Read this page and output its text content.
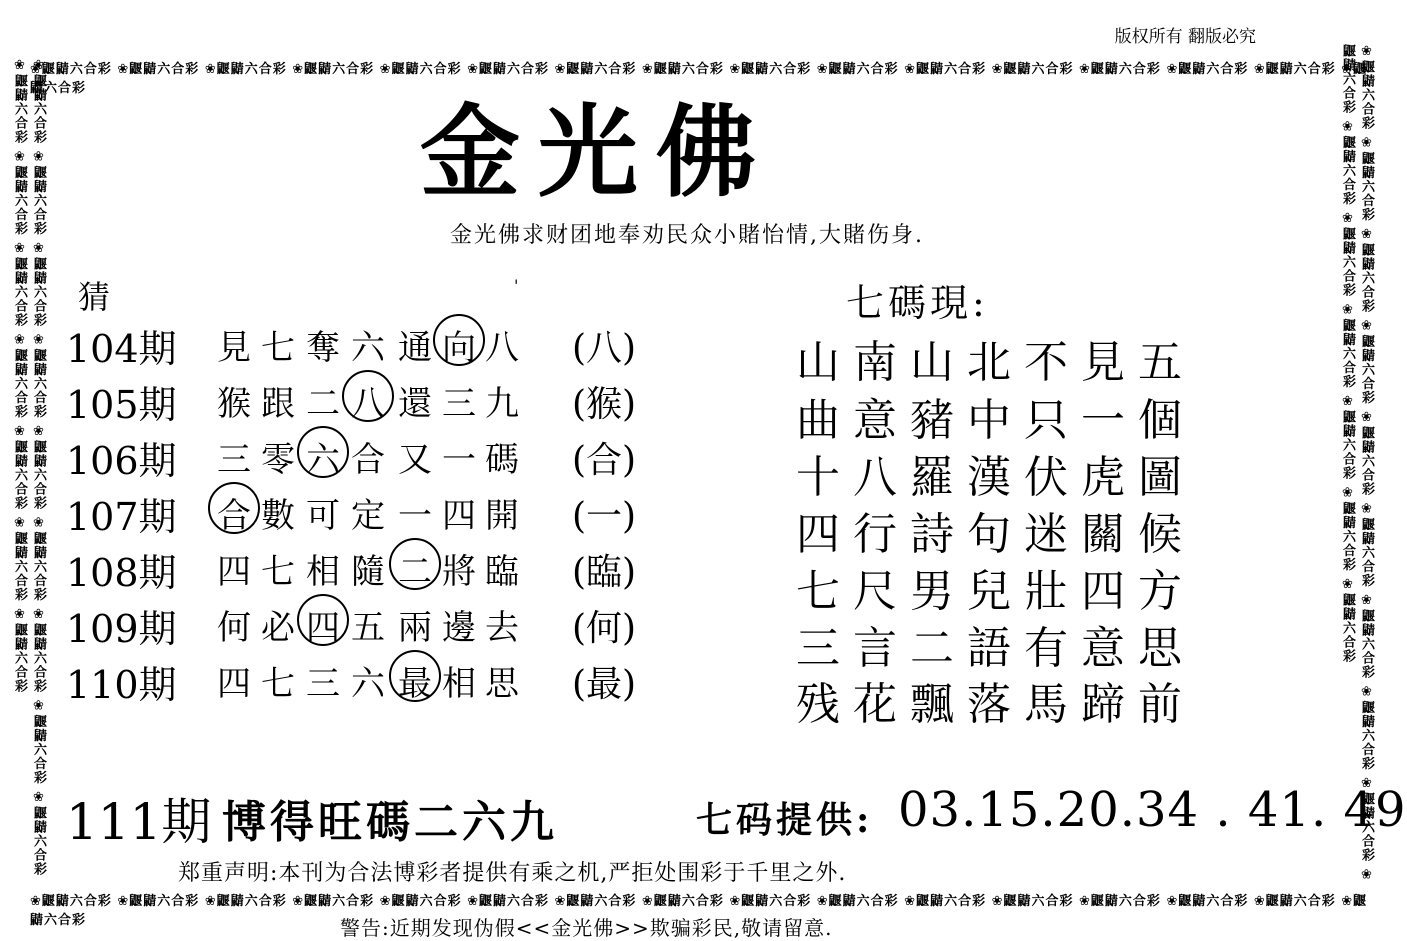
❀鼴鼱六合彩 ❀鼴鼱六合彩 ❀鼴鼱六合彩 ❀鼴鼱六合彩 ❀鼴鼱六合彩 ❀鼴鼱六合彩 ❀鼴鼱六合彩 ❀鼴鼱六合彩 ❀鼴鼱六合彩 ❀鼴鼱六合彩 ❀鼴鼱六合彩 ❀鼴鼱六合彩 ❀鼴鼱六合彩 ❀鼴鼱六合彩 ❀鼴鼱六合彩 ❀鼴鼱六合彩
❀鼴鼱六合彩 ❀鼴鼱六合彩 ❀鼴鼱六合彩 ❀鼴鼱六合彩 ❀鼴鼱六合彩 ❀鼴鼱六合彩 ❀鼴鼱六合彩 ❀鼴鼱六合彩 ❀鼴鼱六合彩 ❀鼴鼱六合彩 ❀鼴鼱六合彩 ❀鼴鼱六合彩 ❀鼴鼱六合彩 ❀鼴鼱六合彩 ❀鼴鼱六合彩 ❀鼴鼱六合彩
❀鼴鼱六合彩 ❀鼴鼱六合彩 ❀鼴鼱六合彩 ❀鼴鼱六合彩 ❀鼴鼱六合彩 ❀鼴鼱六合彩 ❀鼴鼱六合彩 ❀鼴鼱六合彩 ❀鼴鼱六合彩 ❀鼴鼱六合彩 ❀鼴鼱六合彩 ❀鼴鼱六合彩 ❀鼴鼱六合彩 ❀鼴鼱六合彩 ❀鼴鼱六合彩 ❀鼴鼱六合彩	❀鼴鼱六合彩 ❀鼴鼱六合彩 ❀鼴鼱六合彩 ❀鼴鼱六合彩 ❀鼴鼱六合彩 ❀鼴鼱六合彩 ❀鼴鼱六合彩 ❀鼴鼱六合彩 ❀鼴鼱六合彩 ❀鼴鼱六合彩 ❀鼴鼱六合彩 ❀鼴鼱六合彩 ❀鼴鼱六合彩 ❀鼴鼱六合彩 ❀鼴鼱六合彩 ❀鼴鼱六合彩
版权所有 翻版必究
金光佛
金光佛求财团地奉劝民众小賭怡情,大賭伤身.
猜	'
104期 見 七 奪 六 通 向 八 (八)
105期 猴 跟 二 八 還 三 九 (猴)
106期 三 零 六 合 又 一 碼 (合)
107期 合 數 可 定 一 四 開 (一)
108期 四 七 相 隨 二 將 臨 (臨)
109期 何 必 四 五 兩 邊 去 (何)
110期 四 七 三 六 最 相 思 (最)
七碼現:
山南山北不見五
曲意豬中只一個
十八羅漢伏虎圖
四行詩句迷關候
七尺男兒壯四方
三言二語有意思
残花飄落馬蹄前
111期 博得旺碼二六九	七码提供: 03.15.20.34 . 41. 49
郑重声明:本刊为合法博彩者提供有乘之机,严拒处围彩于千里之外.
警告:近期发现伪假<<金光佛>>欺骗彩民,敬请留意.
